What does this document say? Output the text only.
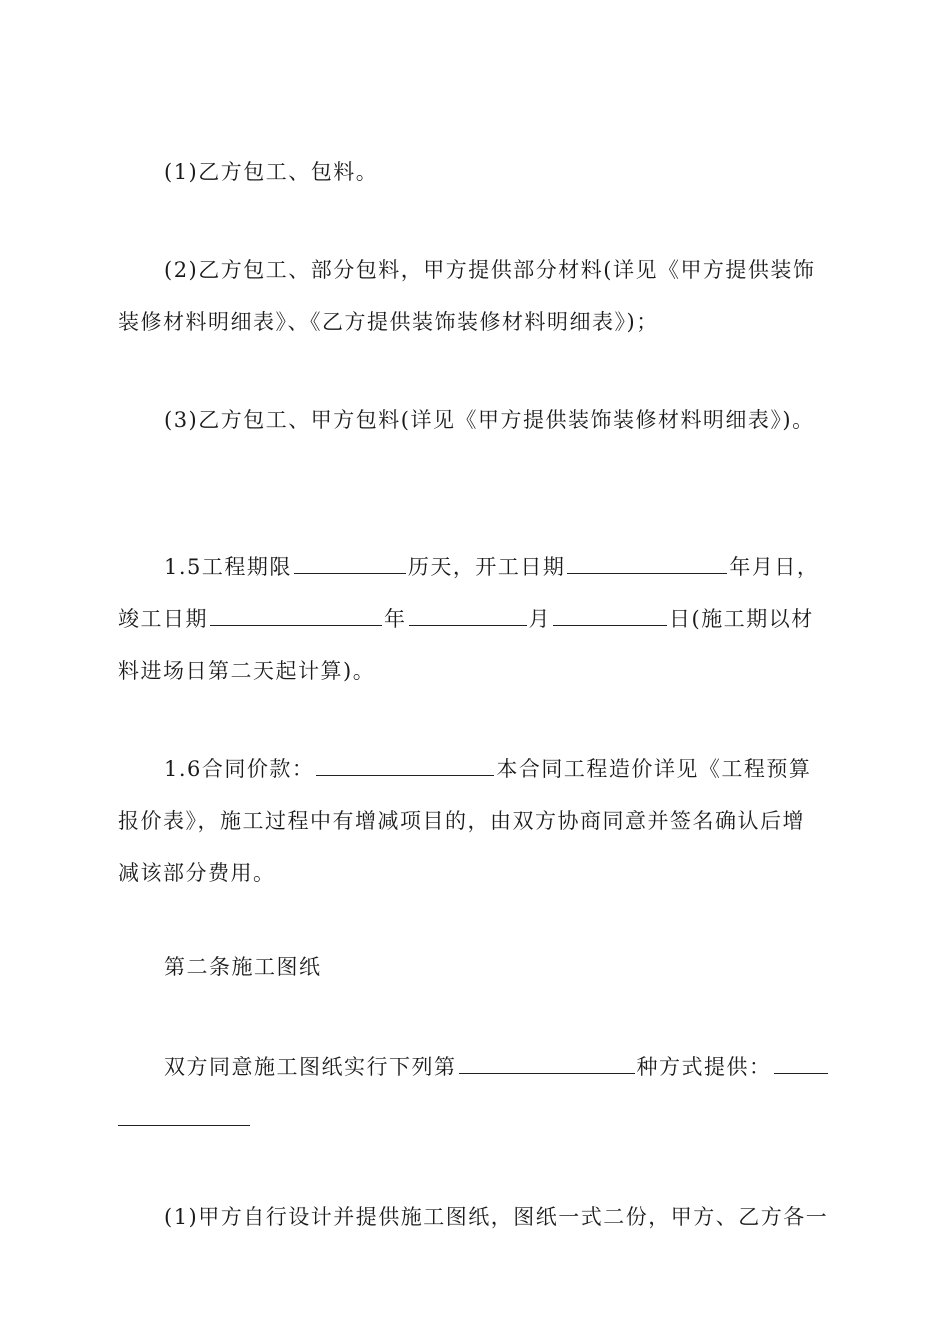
(1)乙方包工、包料。

(2)乙方包工、部分包料，甲方提供部分材料(详见《甲方提供装饰
装修材料明细表》、《乙方提供装饰装修材料明细表》)；

(3)乙方包工、甲方包料(详见《甲方提供装饰装修材料明细表》)。

1.5工程期限	历天，开工日期	年月日，
竣工日期	年	月	日(施工期以材
料进场日第二天起计算)。

1.6合同价款：	本合同工程造价详见《工程预算
报价表》，施工过程中有增减项目的，由双方协商同意并签名确认后增
减该部分费用。

第二条施工图纸

双方同意施工图纸实行下列第	种方式提供：

(1)甲方自行设计并提供施工图纸，图纸一式二份，甲方、乙方各一
